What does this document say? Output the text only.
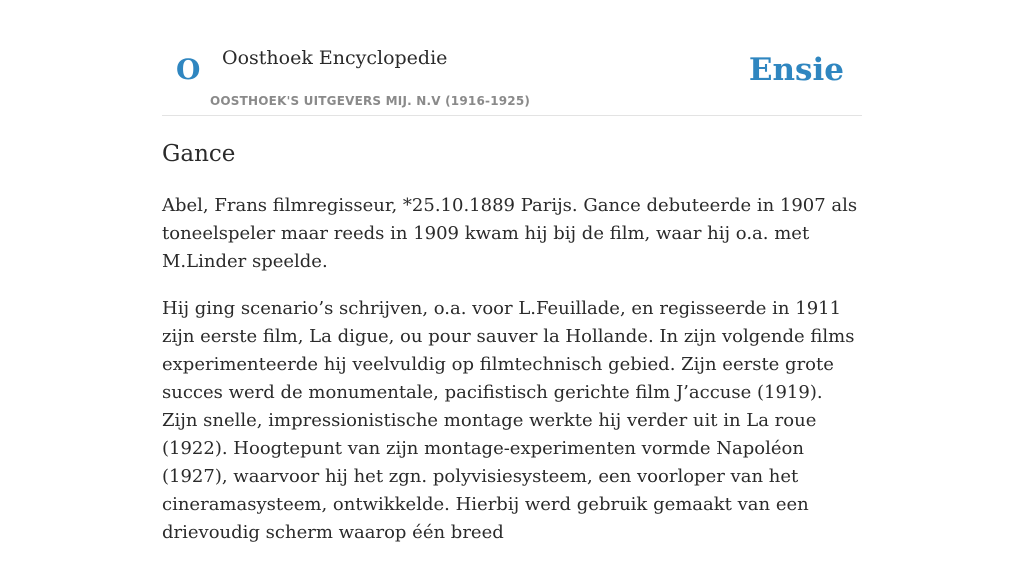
O Oosthoek Encyclopedie
OOSTHOEK'S UITGEVERS MIJ. N.V (1916-1925)
Ensie
Gance

Abel, Frans filmregisseur, *25.10.1889 Parijs. Gance debuteerde in 1907 als toneelspeler maar reeds in 1909 kwam hij bij de film, waar hij o.a. met M.Linder speelde.

Hij ging scenario’s schrijven, o.a. voor L.Feuillade, en regisseerde in 1911 zijn eerste film, La digue, ou pour sauver la Hollande. In zijn volgende films experimenteerde hij veelvuldig op filmtechnisch gebied. Zijn eerste grote succes werd de monumentale, pacifistisch gerichte film J’accuse (1919). Zijn snelle, impressionistische montage werkte hij verder uit in La roue (1922). Hoogtepunt van zijn montage-experimenten vormde Napoléon (1927), waarvoor hij het zgn. polyvisiesysteem, een voorloper van het cineramasysteem, ontwikkelde. Hierbij werd gebruik gemaakt van een drievoudig scherm waarop één breed
